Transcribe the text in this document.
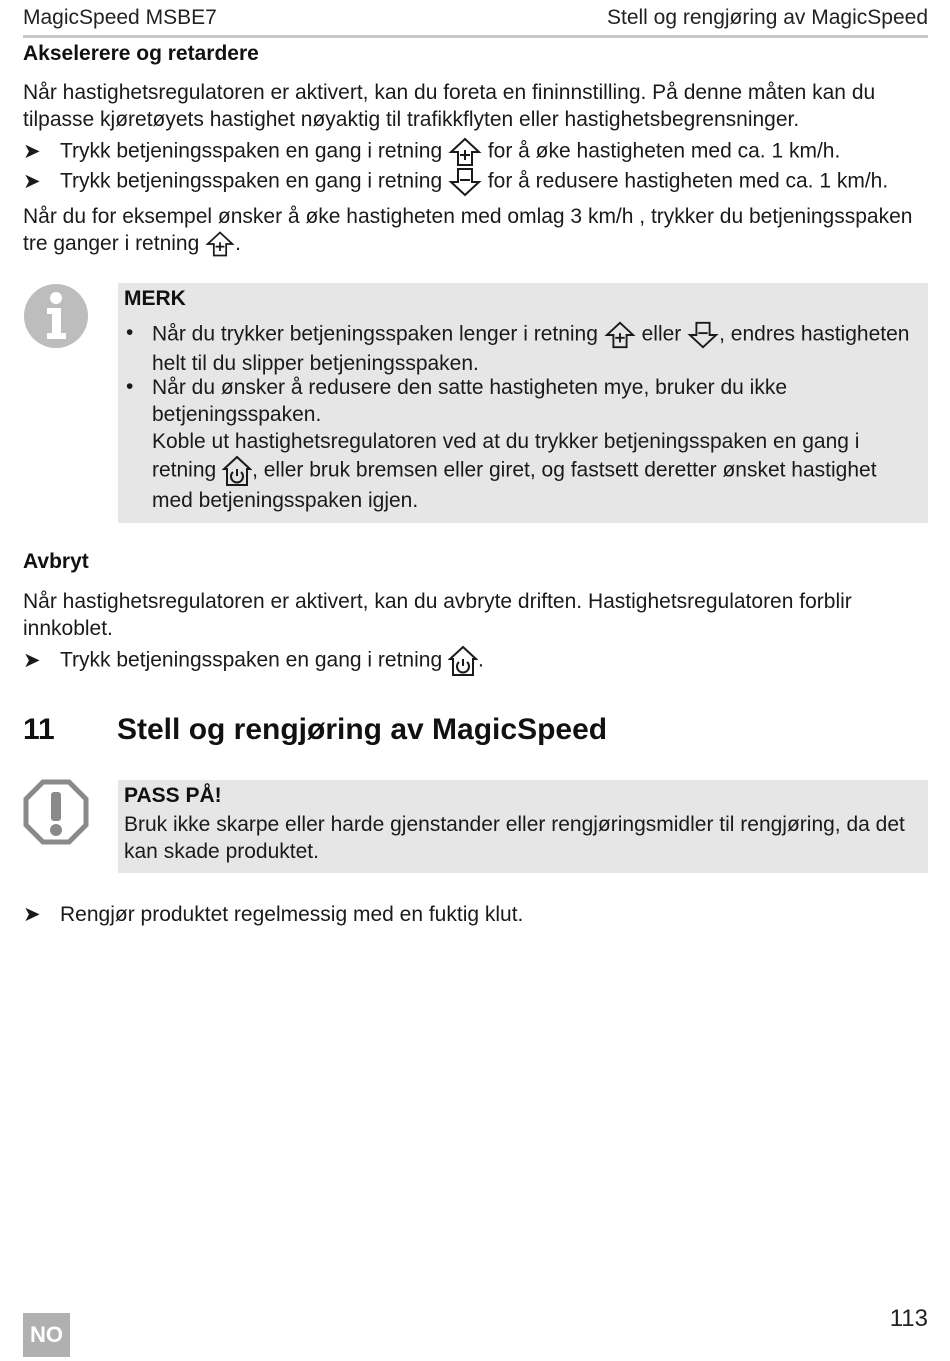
MagicSpeed MSBE7	Stell og rengjøring av MagicSpeed
Akselerere og retardere
Når hastighetsregulatoren er aktivert, kan du foreta en fininnstilling. På denne måten kan du tilpasse kjøretøyets hastighet nøyaktig til trafikkflyten eller hastighetsbegrensninger.
➤ Trykk betjeningsspaken en gang i retning for å øke hastigheten med ca. 1 km/h.
➤ Trykk betjeningsspaken en gang i retning for å redusere hastigheten med ca. 1 km/h.
Når du for eksempel ønsker å øke hastigheten med omlag 3 km/h , trykker du betjeningsspaken tre ganger i retning .
MERK
• Når du trykker betjeningsspaken lenger i retning eller , endres hastigheten helt til du slipper betjeningsspaken.
• Når du ønsker å redusere den satte hastigheten mye, bruker du ikke betjeningsspaken.
Koble ut hastighetsregulatoren ved at du trykker betjeningsspaken en gang i retning , eller bruk bremsen eller giret, og fastsett deretter ønsket hastighet med betjeningsspaken igjen.
Avbryt
Når hastighetsregulatoren er aktivert, kan du avbryte driften. Hastighetsregulatoren forblir innkoblet.
➤ Trykk betjeningsspaken en gang i retning .
11 Stell og rengjøring av MagicSpeed
PASS PÅ!
Bruk ikke skarpe eller harde gjenstander eller rengjøringsmidler til rengjøring, da det kan skade produktet.
➤ Rengjør produktet regelmessig med en fuktig klut.
NO
113
